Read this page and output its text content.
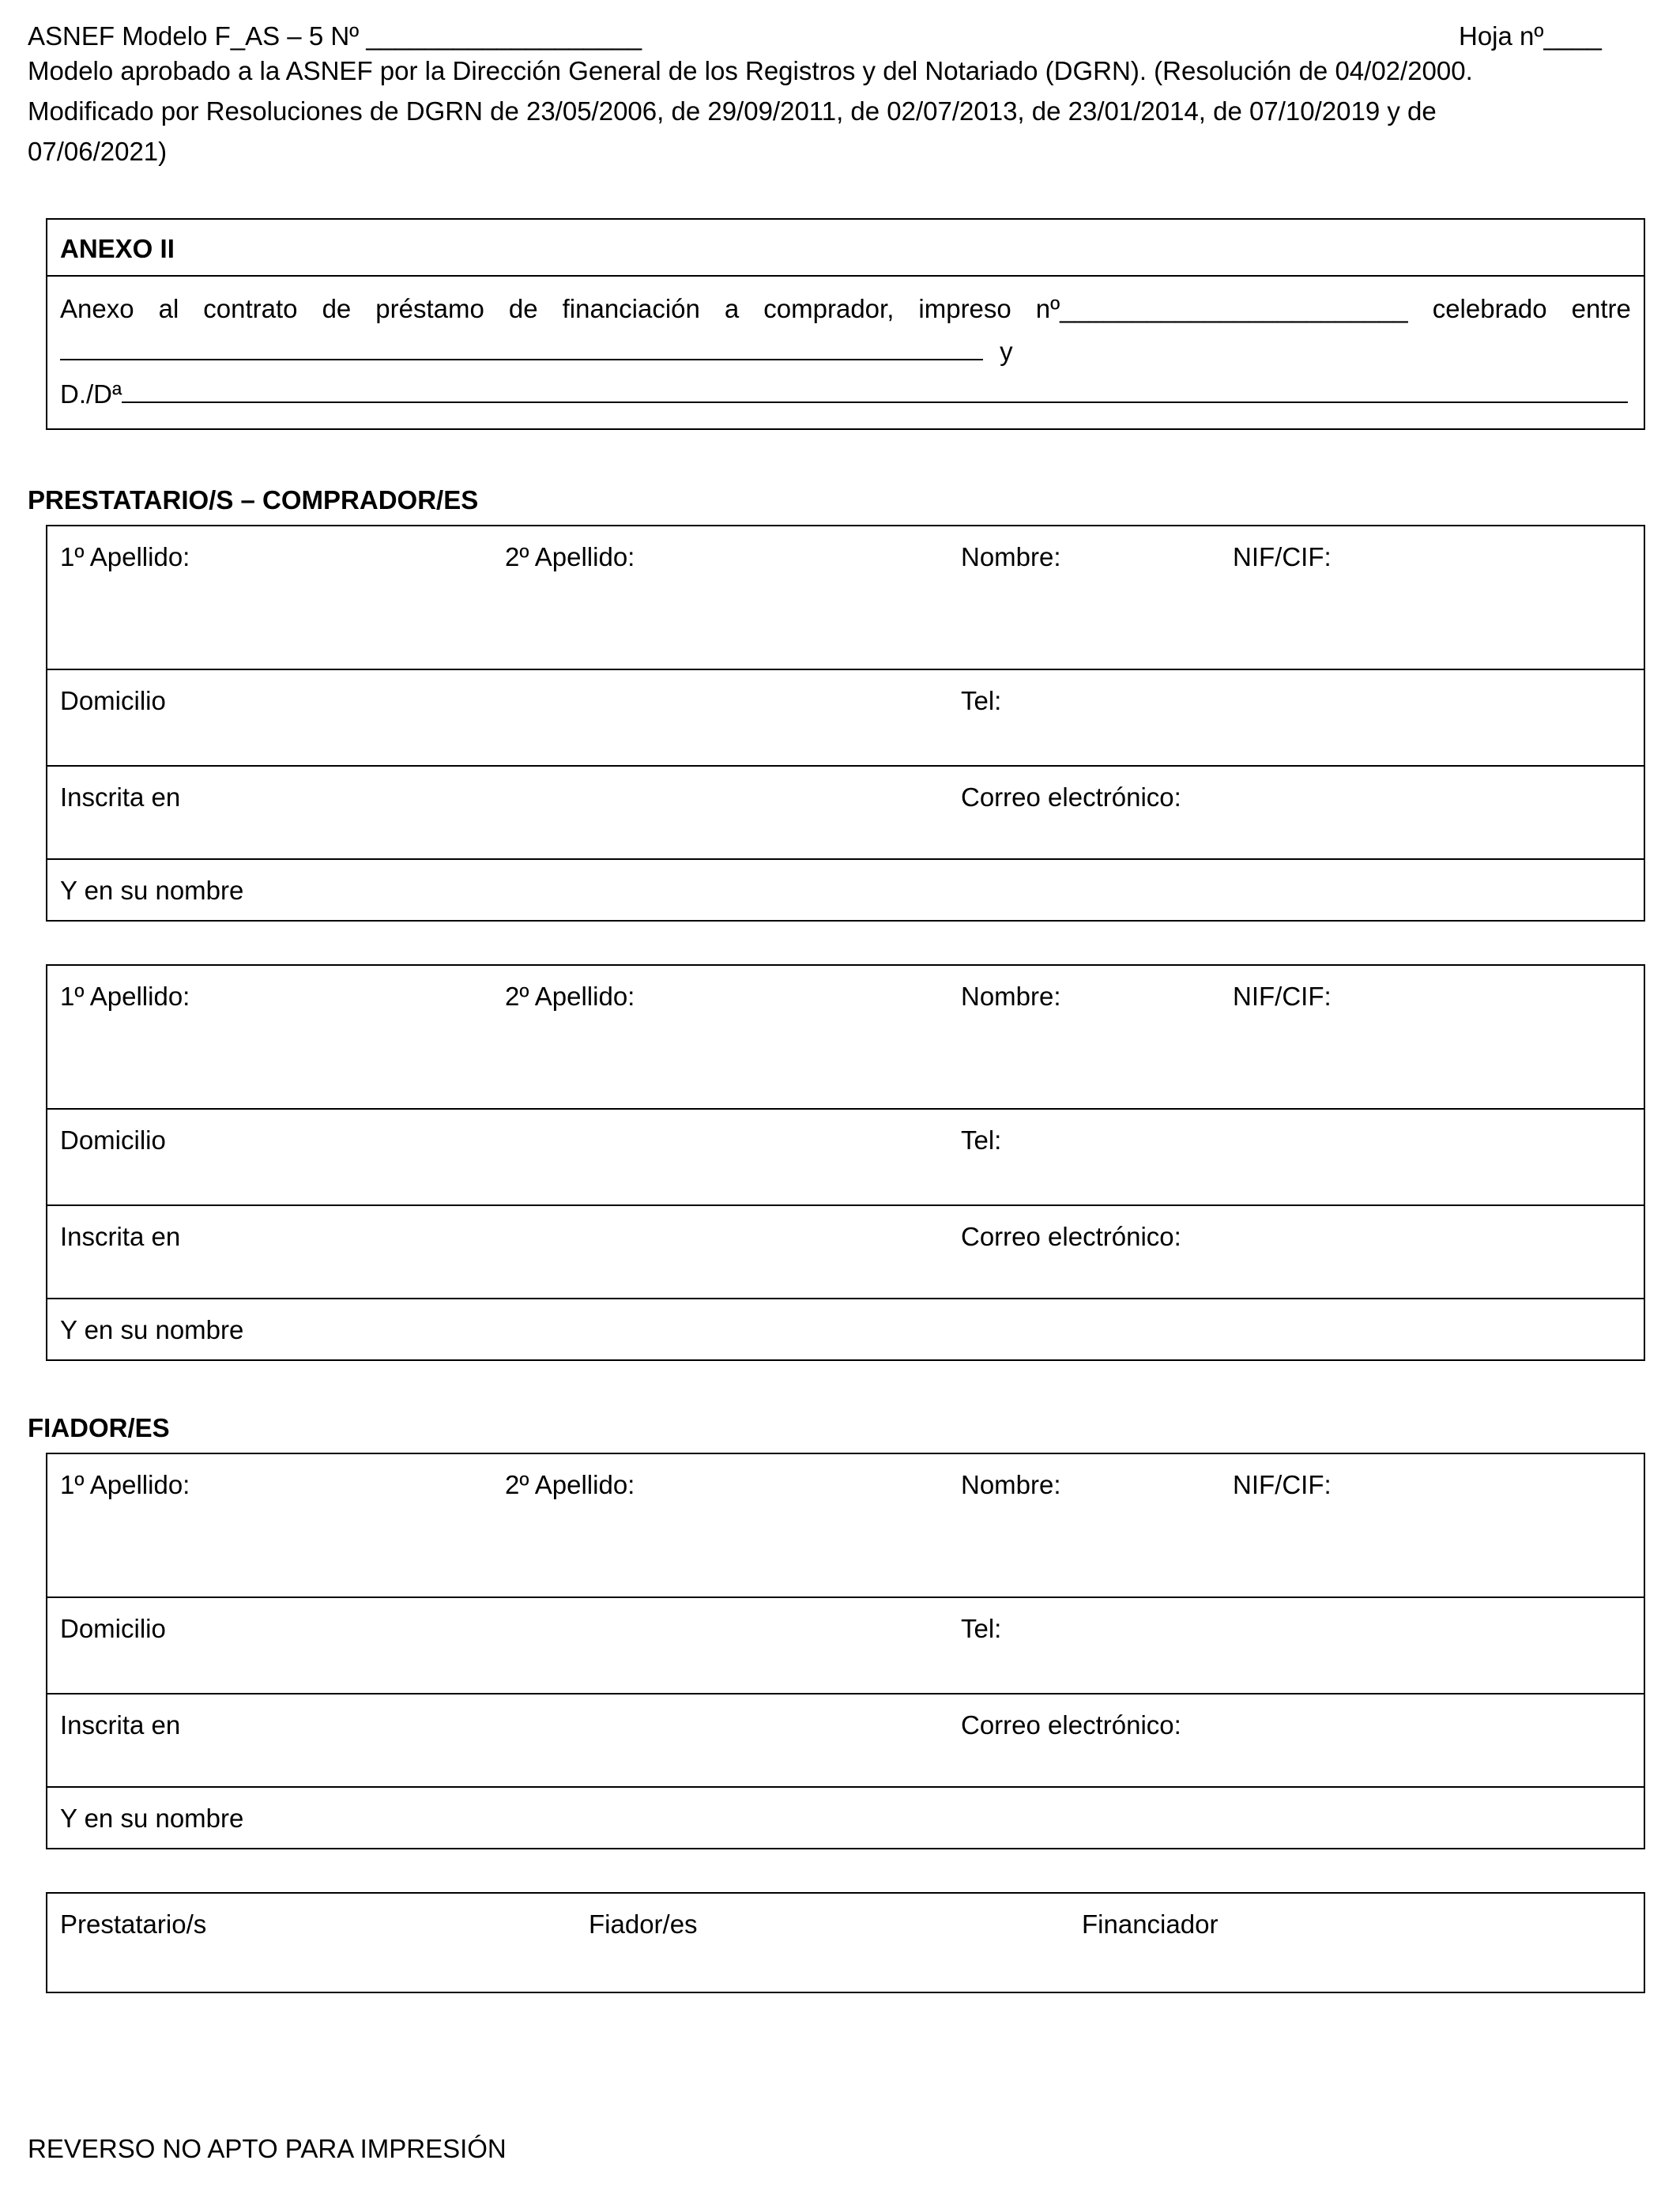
ASNEF Modelo F_AS – 5 Nº ___________________	Hoja nº____
Modelo aprobado a la ASNEF por la Dirección General de los Registros y del Notariado (DGRN). (Resolución de 04/02/2000.
Modificado por Resoluciones de DGRN de 23/05/2006, de 29/09/2011, de 02/07/2013, de 23/01/2014, de 07/10/2019 y de
07/06/2021)
ANEXO II
Anexo al contrato de préstamo de financiación a comprador, impreso nº________________________ celebrado entre
y
D./Dª
PRESTATARIO/S – COMPRADOR/ES
1º Apellido:	2º Apellido:	Nombre:	NIF/CIF:
Domicilio	Tel:
Inscrita en	Correo electrónico:
Y en su nombre
1º Apellido:	2º Apellido:	Nombre:	NIF/CIF:
Domicilio	Tel:
Inscrita en	Correo electrónico:
Y en su nombre
FIADOR/ES
1º Apellido:	2º Apellido:	Nombre:	NIF/CIF:
Domicilio	Tel:
Inscrita en	Correo electrónico:
Y en su nombre
Prestatario/s	Fiador/es	Financiador
REVERSO NO APTO PARA IMPRESIÓN
